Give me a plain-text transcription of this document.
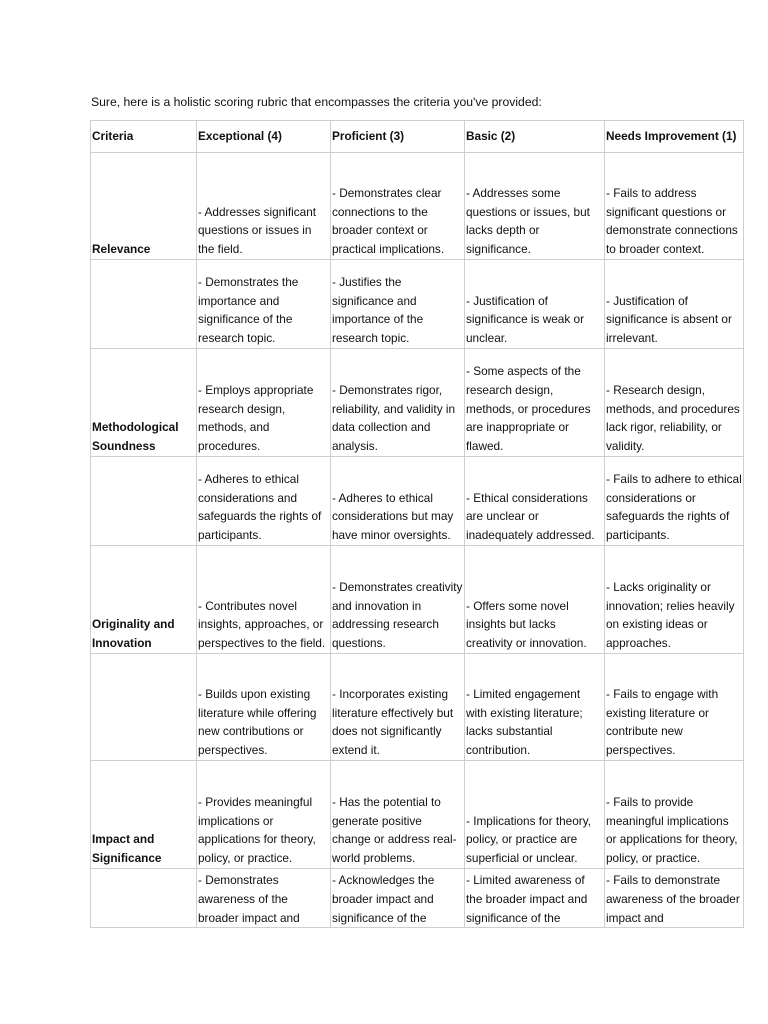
Sure, here is a holistic scoring rubric that encompasses the criteria you've provided:
Criteria	Exceptional (4)	Proficient (3)	Basic (2)	Needs Improvement (1)
Relevance	- Addresses significant questions or issues in the field.	- Demonstrates clear connections to the broader context or practical implications.	- Addresses some questions or issues, but lacks depth or significance.	- Fails to address significant questions or demonstrate connections to broader context.
	- Demonstrates the importance and significance of the research topic.	- Justifies the significance and importance of the research topic.	- Justification of significance is weak or unclear.	- Justification of significance is absent or irrelevant.
Methodological Soundness	- Employs appropriate research design, methods, and procedures.	- Demonstrates rigor, reliability, and validity in data collection and analysis.	- Some aspects of the research design, methods, or procedures are inappropriate or flawed.	- Research design, methods, and procedures lack rigor, reliability, or validity.
	- Adheres to ethical considerations and safeguards the rights of participants.	- Adheres to ethical considerations but may have minor oversights.	- Ethical considerations are unclear or inadequately addressed.	- Fails to adhere to ethical considerations or safeguards the rights of participants.
Originality and Innovation	- Contributes novel insights, approaches, or perspectives to the field.	- Demonstrates creativity and innovation in addressing research questions.	- Offers some novel insights but lacks creativity or innovation.	- Lacks originality or innovation; relies heavily on existing ideas or approaches.
	- Builds upon existing literature while offering new contributions or perspectives.	- Incorporates existing literature effectively but does not significantly extend it.	- Limited engagement with existing literature; lacks substantial contribution.	- Fails to engage with existing literature or contribute new perspectives.
Impact and Significance	- Provides meaningful implications or applications for theory, policy, or practice.	- Has the potential to generate positive change or address real-world problems.	- Implications for theory, policy, or practice are superficial or unclear.	- Fails to provide meaningful implications or applications for theory, policy, or practice.
	- Demonstrates awareness of the broader impact and	- Acknowledges the broader impact and significance of the	- Limited awareness of the broader impact and significance of the	- Fails to demonstrate awareness of the broader impact and
